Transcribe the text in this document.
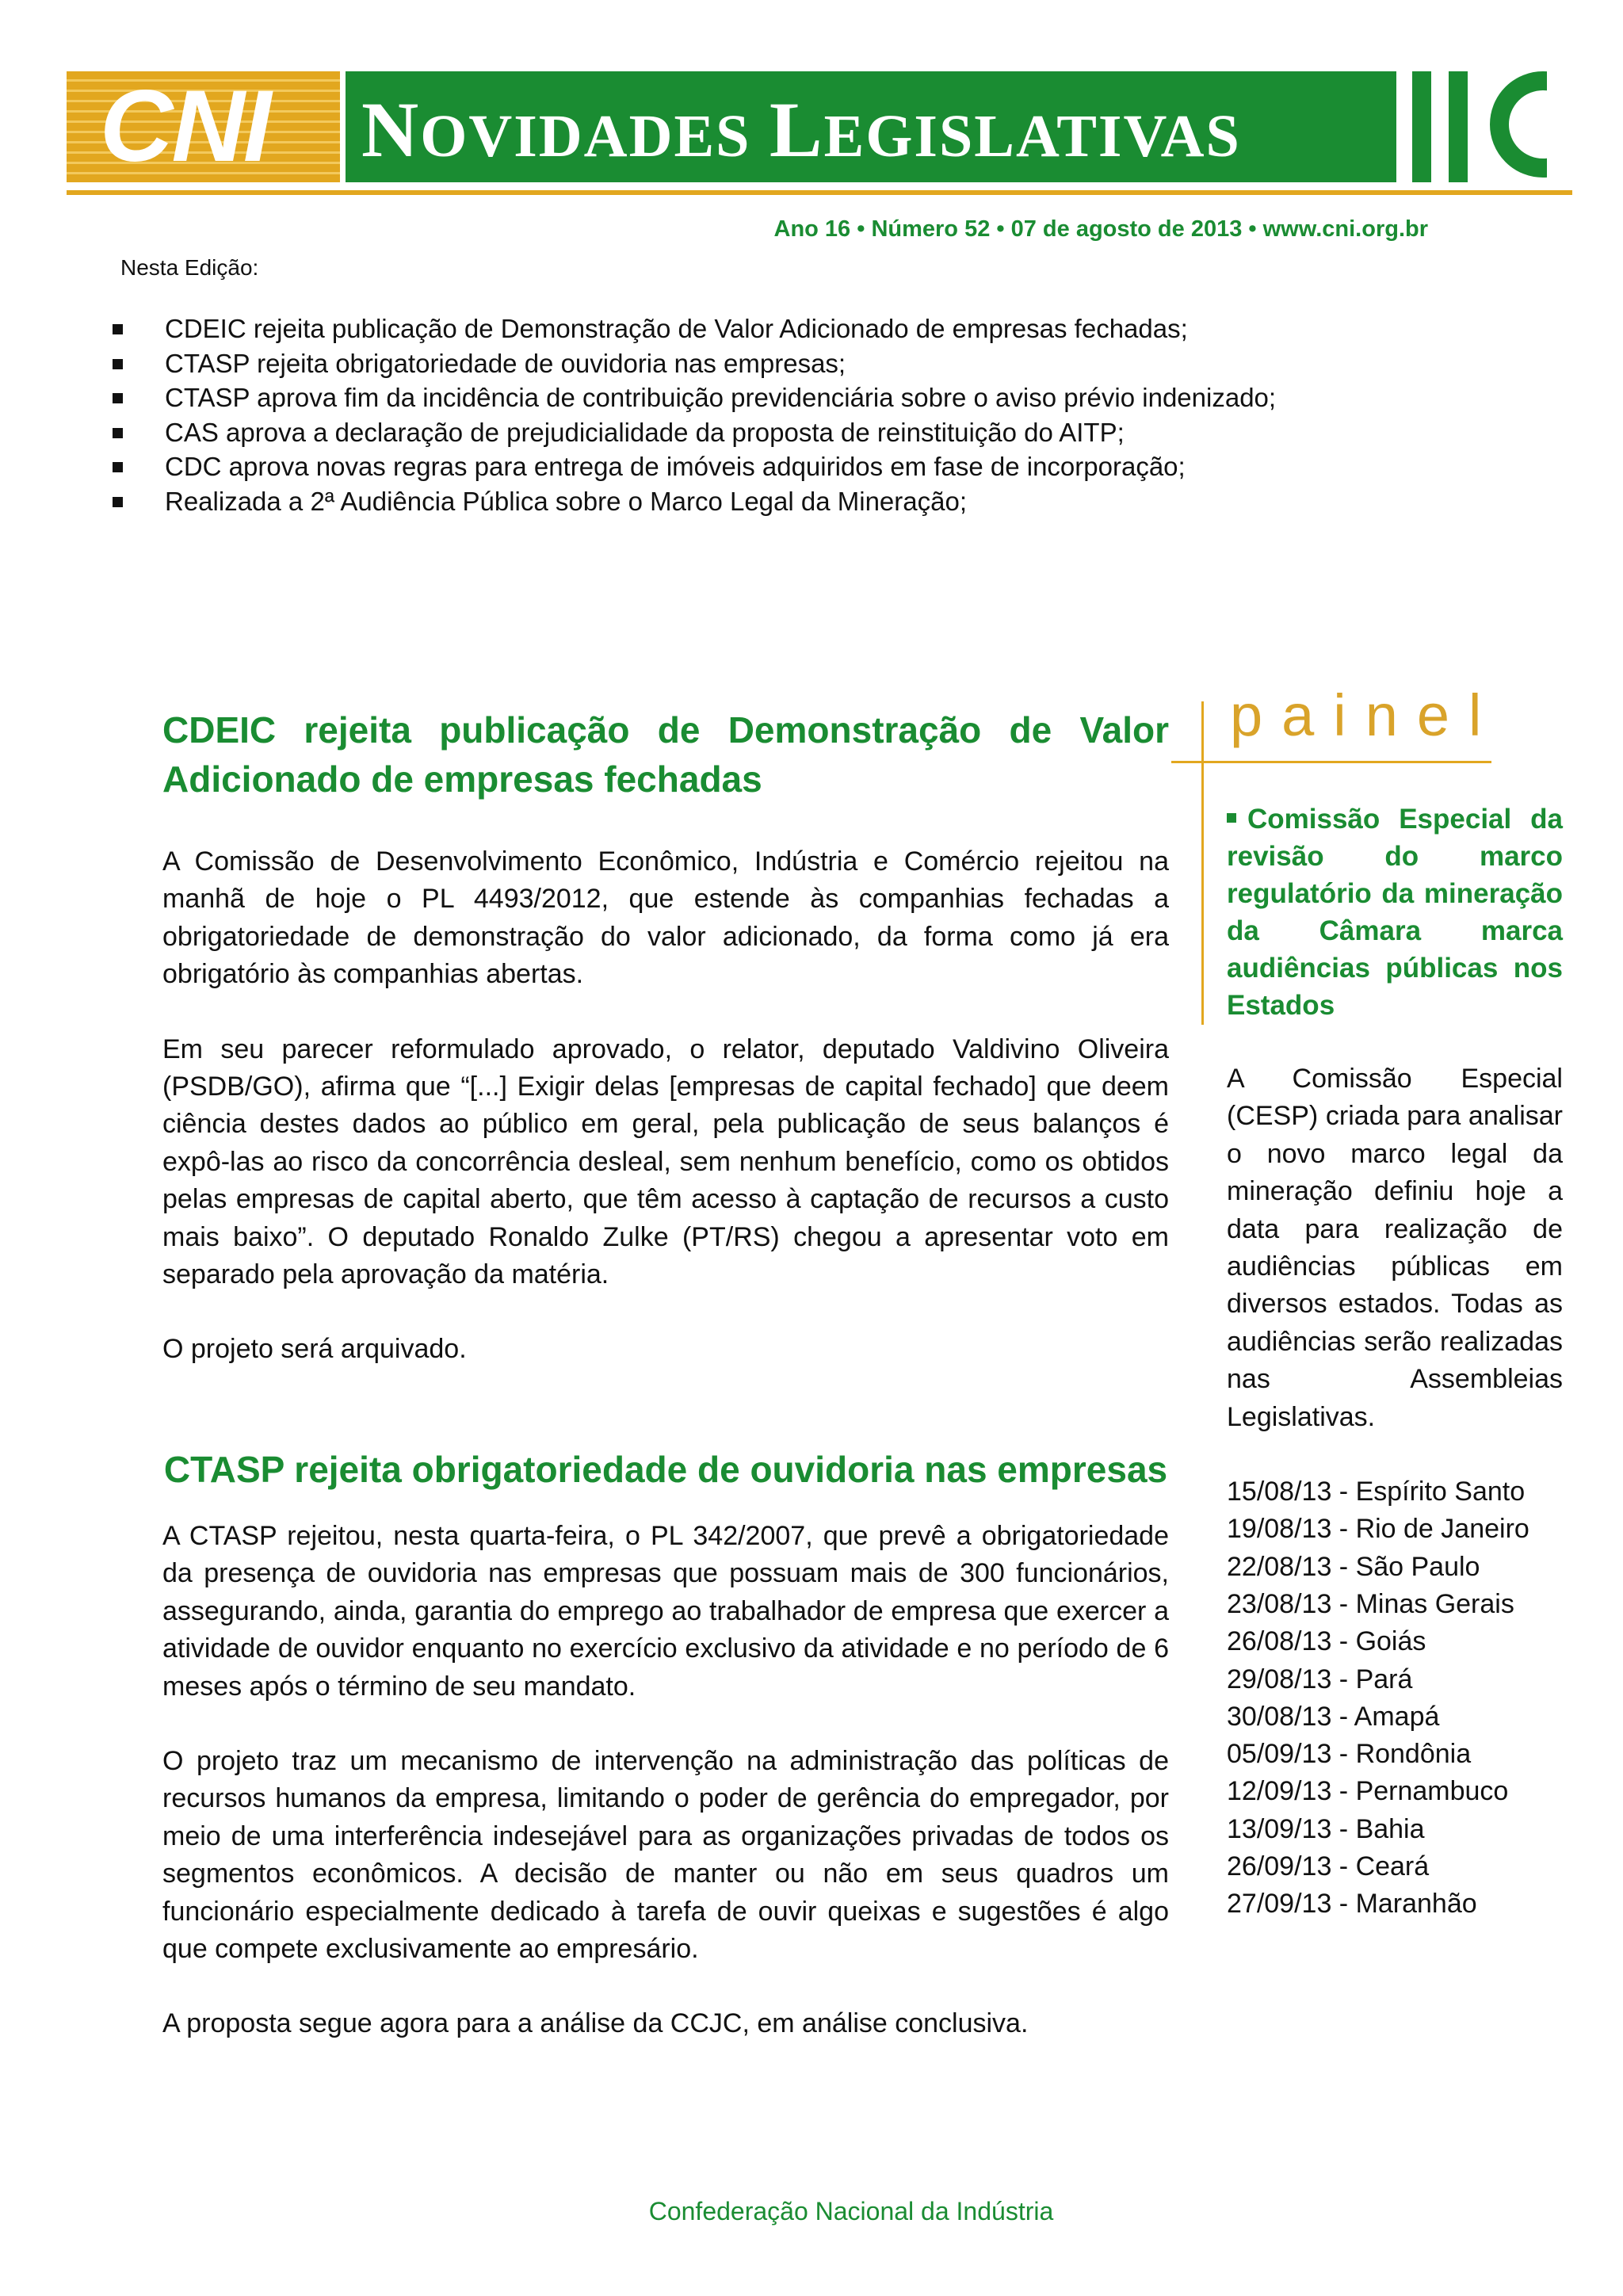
CNI NOVIDADES LEGISLATIVAS
Ano 16 • Número 52 • 07 de agosto de 2013 • www.cni.org.br
Nesta Edição:
CDEIC rejeita publicação de Demonstração de Valor Adicionado de empresas fechadas;
CTASP rejeita obrigatoriedade de ouvidoria nas empresas;
CTASP aprova fim da incidência de contribuição previdenciária sobre o aviso prévio indenizado;
CAS aprova a declaração de prejudicialidade da proposta de reinstituição do AITP;
CDC aprova novas regras para entrega de imóveis adquiridos em fase de incorporação;
Realizada a 2ª Audiência Pública sobre o Marco Legal da Mineração;
CDEIC rejeita publicação de Demonstração de Valor Adicionado de empresas fechadas

A Comissão de Desenvolvimento Econômico, Indústria e Comércio rejeitou na manhã de hoje o PL 4493/2012, que estende às companhias fechadas a obrigatoriedade de demonstração do valor adicionado, da forma como já era obrigatório às companhias abertas.

Em seu parecer reformulado aprovado, o relator, deputado Valdivino Oliveira (PSDB/GO), afirma que “[...] Exigir delas [empresas de capital fechado] que deem ciência destes dados ao público em geral, pela publicação de seus balanços é expô-las ao risco da concorrência desleal, sem nenhum benefício, como os obtidos pelas empresas de capital aberto, que têm acesso à captação de recursos a custo mais baixo”. O deputado Ronaldo Zulke (PT/RS) chegou a apresentar voto em separado pela aprovação da matéria.

O projeto será arquivado.

CTASP rejeita obrigatoriedade de ouvidoria nas empresas

A CTASP rejeitou, nesta quarta-feira, o PL 342/2007, que prevê a obrigatoriedade da presença de ouvidoria nas empresas que possuam mais de 300 funcionários, assegurando, ainda, garantia do emprego ao trabalhador de empresa que exercer a atividade de ouvidor enquanto no exercício exclusivo da atividade e no período de 6 meses após o término de seu mandato.

O projeto traz um mecanismo de intervenção na administração das políticas de recursos humanos da empresa, limitando o poder de gerência do empregador, por meio de uma interferência indesejável para as organizações privadas de todos os segmentos econômicos. A decisão de manter ou não em seus quadros um funcionário especialmente dedicado à tarefa de ouvir queixas e sugestões é algo que compete exclusivamente ao empresário.

A proposta segue agora para a análise da CCJC, em análise conclusiva.

painel

Comissão Especial da revisão do marco regulatório da mineração da Câmara marca audiências públicas nos Estados

A Comissão Especial (CESP) criada para analisar o novo marco legal da mineração definiu hoje a data para realização de audiências públicas em diversos estados. Todas as audiências serão realizadas nas Assembleias Legislativas.

15/08/13 - Espírito Santo
19/08/13 - Rio de Janeiro
22/08/13 - São Paulo
23/08/13 - Minas Gerais
26/08/13 - Goiás
29/08/13 - Pará
30/08/13 - Amapá
05/09/13 - Rondônia
12/09/13 - Pernambuco
13/09/13 - Bahia
26/09/13 - Ceará
27/09/13 - Maranhão
Confederação Nacional da Indústria
